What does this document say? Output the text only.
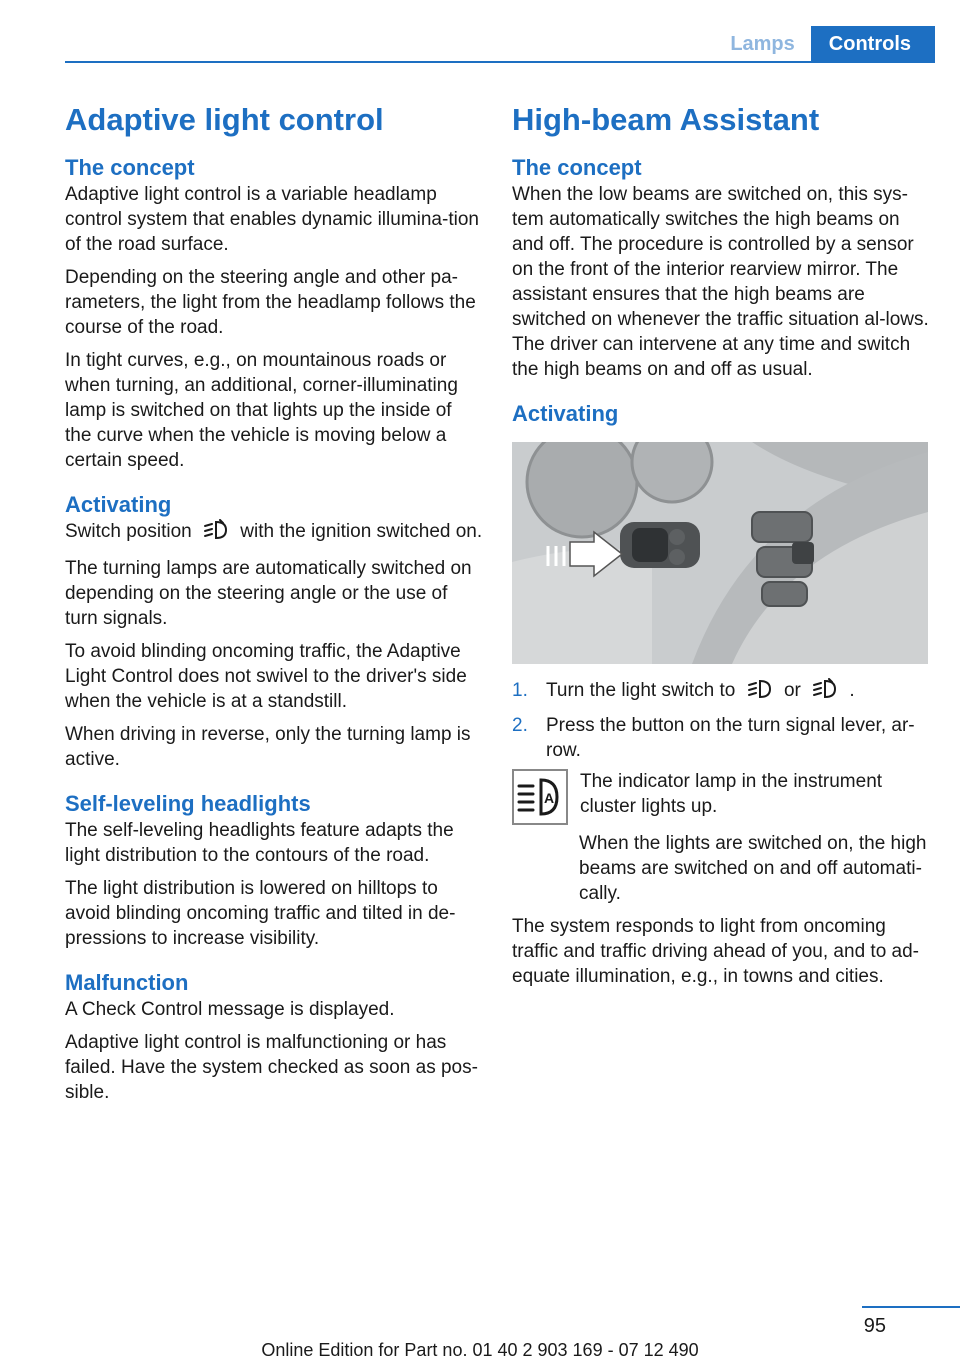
Lamps	Controls
Adaptive light control
The concept

Adaptive light control is a variable headlamp control system that enables dynamic illumina-tion of the road surface.

Depending on the steering angle and other pa-rameters, the light from the headlamp follows the course of the road.

In tight curves, e.g., on mountainous roads or when turning, an additional, corner-illuminating lamp is switched on that lights up the inside of the curve when the vehicle is moving below a certain speed.

Activating

Switch position	with the ignition switched on.

The turning lamps are automatically switched on depending on the steering angle or the use of turn signals.

To avoid blinding oncoming traffic, the Adaptive Light Control does not swivel to the driver's side when the vehicle is at a standstill.

When driving in reverse, only the turning lamp is active.

Self-leveling headlights

The self-leveling headlights feature adapts the light distribution to the contours of the road.

The light distribution is lowered on hilltops to avoid blinding oncoming traffic and tilted in de-pressions to increase visibility.

Malfunction

A Check Control message is displayed.

Adaptive light control is malfunctioning or has failed. Have the system checked as soon as pos-sible.

High-beam Assistant
The concept

When the low beams are switched on, this sys-tem automatically switches the high beams on and off. The procedure is controlled by a sensor on the front of the interior rearview mirror. The assistant ensures that the high beams are switched on whenever the traffic situation al-lows. The driver can intervene at any time and switch the high beams on and off as usual.

Activating
1. Turn the light switch to	or	.
2. Press the button on the turn signal lever, ar-row.
A
The indicator lamp in the instrument cluster lights up.

When the lights are switched on, the high beams are switched on and off automati-cally.

The system responds to light from oncoming traffic and traffic driving ahead of you, and to ad-equate illumination, e.g., in towns and cities.

95
Online Edition for Part no. 01 40 2 903 169 - 07 12 490
